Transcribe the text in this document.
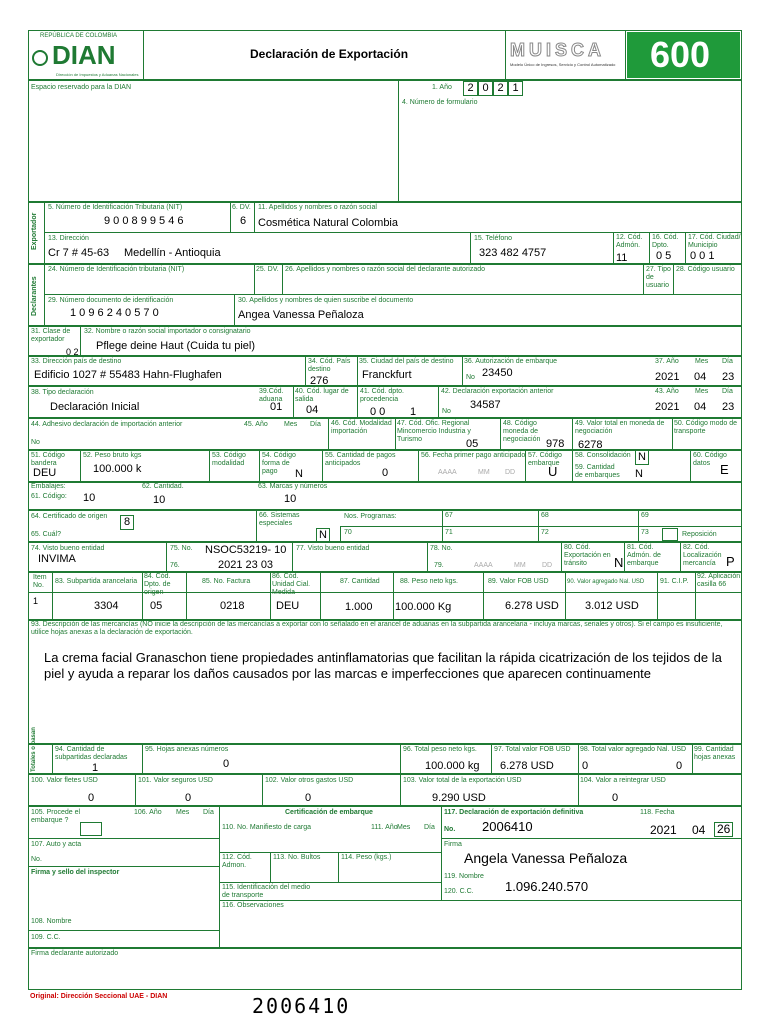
REPÚBLICA DE COLOMBIA
DIAN
Dirección de Impuestos y Aduanas Nacionales
Declaración de Exportación	MUISCA
Modelo Único de Ingresos, Servicio y Control Automatizado 600
Espacio reservado para la DIAN	1. Año	2 0 2 1
4. Número de formulario
Exportador
5. Número de Identificación Tributaria (NIT)
9 0 0 8 9 9 5 4 6
6. DV.
6
11. Apellidos y nombres o razón social
Cosmética Natural Colombia
13. Dirección
Cr 7 # 45-63 Medellín - Antioquia
15. Teléfono
323 482 4757
12. Cód. Admón.
11
16. Cód. Dpto.
0 5
17. Cód. Ciudad/ Municipio
0 0 1
Declarantes
24. Número de Identificación tributaria (NIT)	25. DV. 26. Apellidos y nombres o razón social del declarante autorizado	27. Tipo de usuario
28. Código usuario
29. Número documento de identificación
1 0 9 6 2 4 0 5 7 0
30. Apellidos y nombres de quien suscribe el documento
Angea Vanessa Peñaloza
31. Clase de exportador
0 2
32. Nombre o razón social importador o consignatario
Pflege deine Haut (Cuida tu piel)
33. Dirección país de destino
Edificio 1027 # 55483 Hahn-Flughafen
34. Cód. País destino
276
35. Ciudad del país de destino
Franckfurt
36. Autorización de embarque
No 23450
37. Año Mes Día
2021 04 23
38. Tipo declaración
Declaración Inicial
39.Cód. aduana
01
40. Cód. lugar de salida
04
41. Cód. dpto. procedencia
0 0 1
42. Declaración exportación anterior
No
34587
43. Año Mes Día
2021 04 23
44. Adhesivo declaración de importación anterior
No
45. Año Mes Día 46. Cód. Modalidad importación
47. Cód. Ofic. Regional Mincomercio Industria y Turismo	05
48. Código moneda de negociación 978
49. Valor total en moneda de negociación
6278
50. Código modo de transporte
51. Código bandera
DEU
52. Peso bruto kgs
100.000 k
53. Código modalidad
54. Código forma de pago	N
55. Cantidad de pagos anticipados
0
56. Fecha primer pago anticipado
AAAA	MM DD
57. Código embarque
U
58. Consolidación N
59. Cantidad de embarques N
60. Código datos E
Embalajes:
61. Código: 10
62. Cantidad.
10
63. Marcas y números
10
64. Certificado de origen	8
65. Cuál?
66. Sistemas especiales
N
Nos. Programas:	67	68	69
70	71	72	73	Reposición
74. Visto bueno entidad
INVIMA
75. No. NSOC53219- 10
76.	2021 23 03
77. Visto bueno entidad	78. No.
79.	AAAA	MM DD
80. Cód. Exportación en tránsito	N
81. Cód. Admón. de embarque
82. Cód. Localización mercancía P
Item No.
83. Subpartida arancelaria
84. Cód. Dpto. de origen
85. No. Factura
86. Cód. Unidad Cial. Medida
87. Cantidad	88. Peso neto kgs.	89. Valor FOB USD	90. Valor agregado Nal. USD 91. C.I.P.
92. Aplicación casilla 66
1	3304	05	0218	DEU	1.000 100.000 Kg	6.278 USD 3.012 USD
93. Descripción de las mercancías (NO inicie la descripción de las mercancías a exportar con lo señalado en el arancel de aduanas en la subpartida arancelaria - incluya marcas, seriales y otros). Si el campo es insuficiente, utilice hojas anexas a la declaración de exportación.
La crema facial Granaschon tiene propiedades antinflamatorias que facilitan la rápida cicatrización de los tejidos de la piel y ayuda a reparar los daños causados por las marcas e imperfecciones que aparecen continuamente
Totales o pasan	94. Cantidad de subpartidas declaradas
1
95. Hojas anexas números
0
96. Total peso neto kgs.
100.000 kg
97. Total valor FOB USD
6.278 USD
98. Total valor agregado Nal. USD
0	0
99. Cantidad hojas anexas
100. Valor fletes USD
0
101. Valor seguros USD
0
102. Valor otros gastos USD
0
103. Valor total de la exportación USD
9.290 USD
104. Valor a reintegrar USD
0
105. Procede el embarque ?
106. Año Mes Día
107. Auto y acta
No.
Firma y sello del inspector
108. Nombre
109. C.C.
Certificación de embarque
110. No. Manifiesto de carga	111. Año Mes Día
112. Cód. Admon.
113. No. Bultos	114. Peso (kgs.)
115. Identificación del medio de transporte
116. Observaciones
117. Declaración de exportación definitiva	118. Fecha
No. 2006410	2021 04 26
Firma
Angela Vanessa Peñaloza
119. Nombre
120. C.C. 1.096.240.570
Firma declarante autorizado
Original: Dirección Seccional UAE - DIAN	2006410
